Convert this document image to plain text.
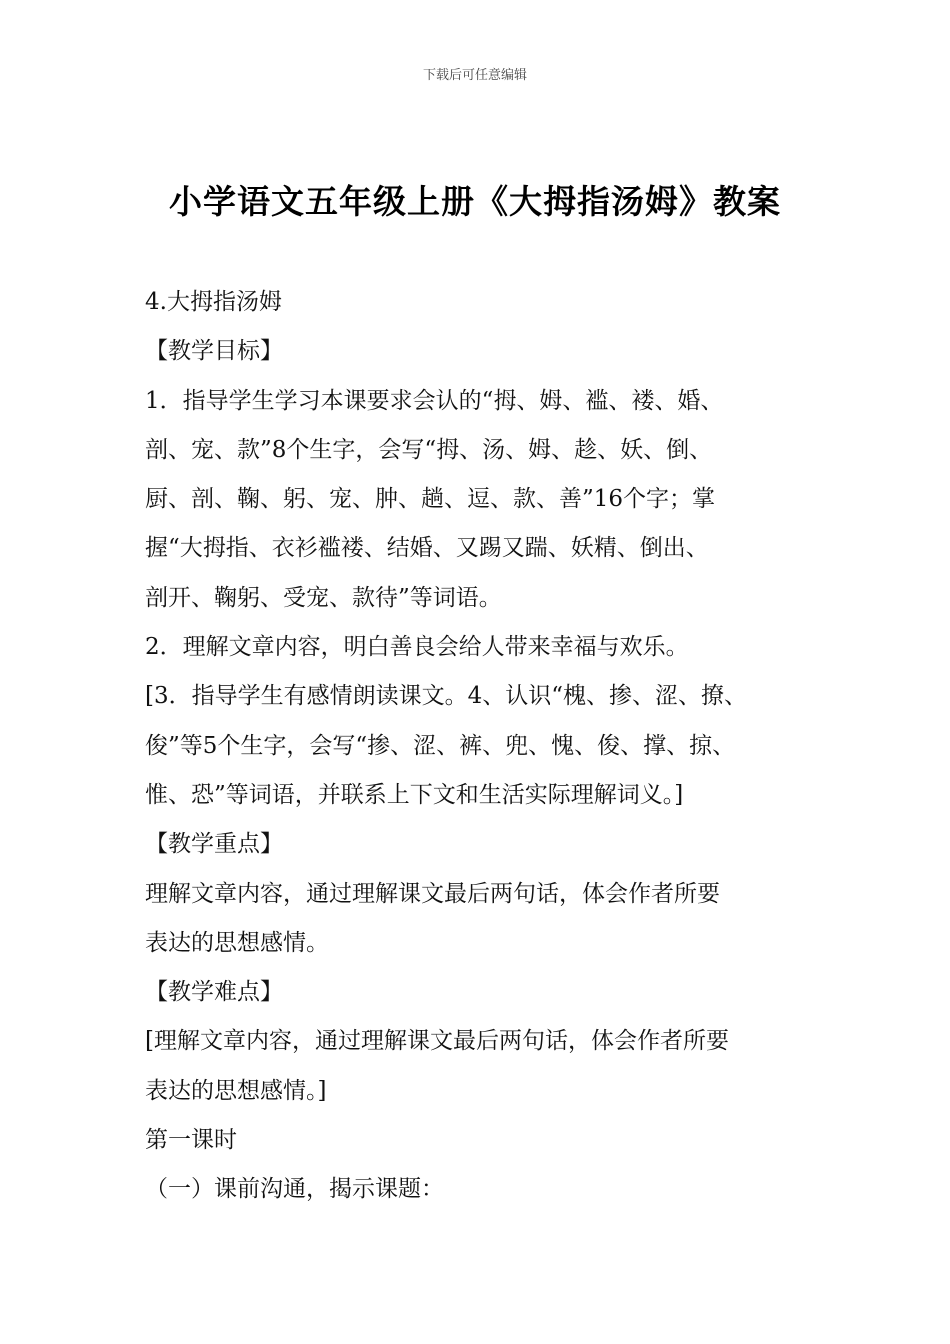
下载后可任意编辑
小学语文五年级上册《大拇指汤姆》教案

4.大拇指汤姆

【教学目标】

1．指导学生学习本课要求会认的“拇、姆、褴、褛、婚、

剖、宠、款”8个生字，会写“拇、汤、姆、趁、妖、倒、

厨、剖、鞠、躬、宠、肿、趟、逗、款、善”16个字；掌

握“大拇指、衣衫褴褛、结婚、又踢又踹、妖精、倒出、

剖开、鞠躬、受宠、款待”等词语。

2．理解文章内容，明白善良会给人带来幸福与欢乐。

[3．指导学生有感情朗读课文。4、认识“槐、掺、涩、撩、

俊”等5个生字，会写“掺、涩、裤、兜、愧、俊、撑、掠、

惟、恐”等词语，并联系上下文和生活实际理解词义。]

【教学重点】

理解文章内容，通过理解课文最后两句话，体会作者所要

表达的思想感情。

【教学难点】

[理解文章内容，通过理解课文最后两句话，体会作者所要

表达的思想感情。]

第一课时

（一）课前沟通，揭示课题：
